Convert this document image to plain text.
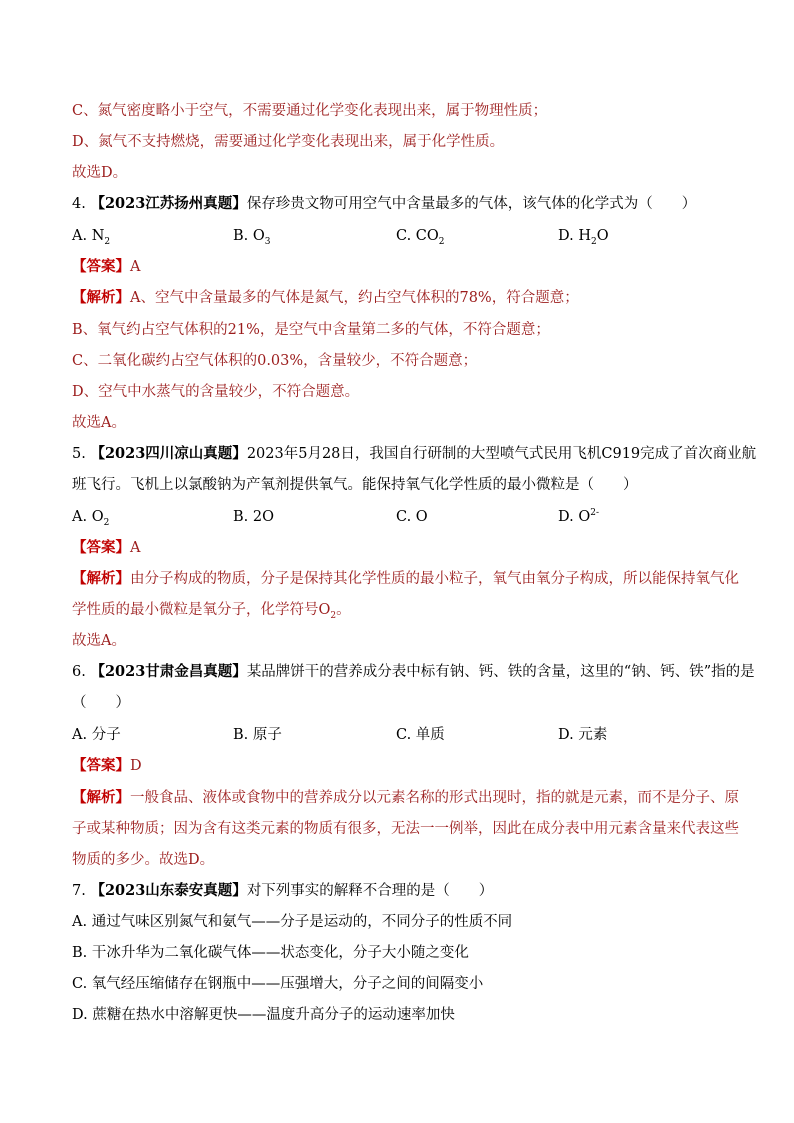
C、氮气密度略小于空气，不需要通过化学变化表现出来，属于物理性质；
D、氮气不支持燃烧，需要通过化学变化表现出来，属于化学性质。
故选D。
4. 【2023江苏扬州真题】保存珍贵文物可用空气中含量最多的气体，该气体的化学式为（　　）
A. $N_2$	B. $O_3$	C. $CO_2$	D. $H_2O$
【答案】A
【解析】A、空气中含量最多的气体是氮气，约占空气体积的78%，符合题意；
B、氧气约占空气体积的21%，是空气中含量第二多的气体，不符合题意；
C、二氧化碳约占空气体积的0.03%，含量较少，不符合题意；
D、空气中水蒸气的含量较少，不符合题意。
故选A。
5. 【2023四川凉山真题】2023年5月28日，我国自行研制的大型喷气式民用飞机C919完成了首次商业航
班飞行。飞机上以氯酸钠为产氧剂提供氧气。能保持氧气化学性质的最小微粒是（　　）
A. $O_2$	B. 2O	C. O	D. $O^{2-}$
【答案】A
【解析】由分子构成的物质，分子是保持其化学性质的最小粒子，氧气由氧分子构成，所以能保持氧气化
学性质的最小微粒是氧分子，化学符号$O_2$。
故选A。
6. 【2023甘肃金昌真题】某品牌饼干的营养成分表中标有钠、钙、铁的含量，这里的“钠、钙、铁”指的是
（　　）
A. 分子	B. 原子	C. 单质	D. 元素
【答案】D
【解析】一般食品、液体或食物中的营养成分以元素名称的形式出现时，指的就是元素，而不是分子、原
子或某种物质；因为含有这类元素的物质有很多，无法一一例举，因此在成分表中用元素含量来代表这些
物质的多少。故选D。
7. 【2023山东泰安真题】对下列事实的解释不合理的是（　　）
A. 通过气味区别氮气和氨气——分子是运动的，不同分子的性质不同
B. 干冰升华为二氧化碳气体——状态变化，分子大小随之变化
C. 氧气经压缩储存在钢瓶中——压强增大，分子之间的间隔变小
D. 蔗糖在热水中溶解更快——温度升高分子的运动速率加快
